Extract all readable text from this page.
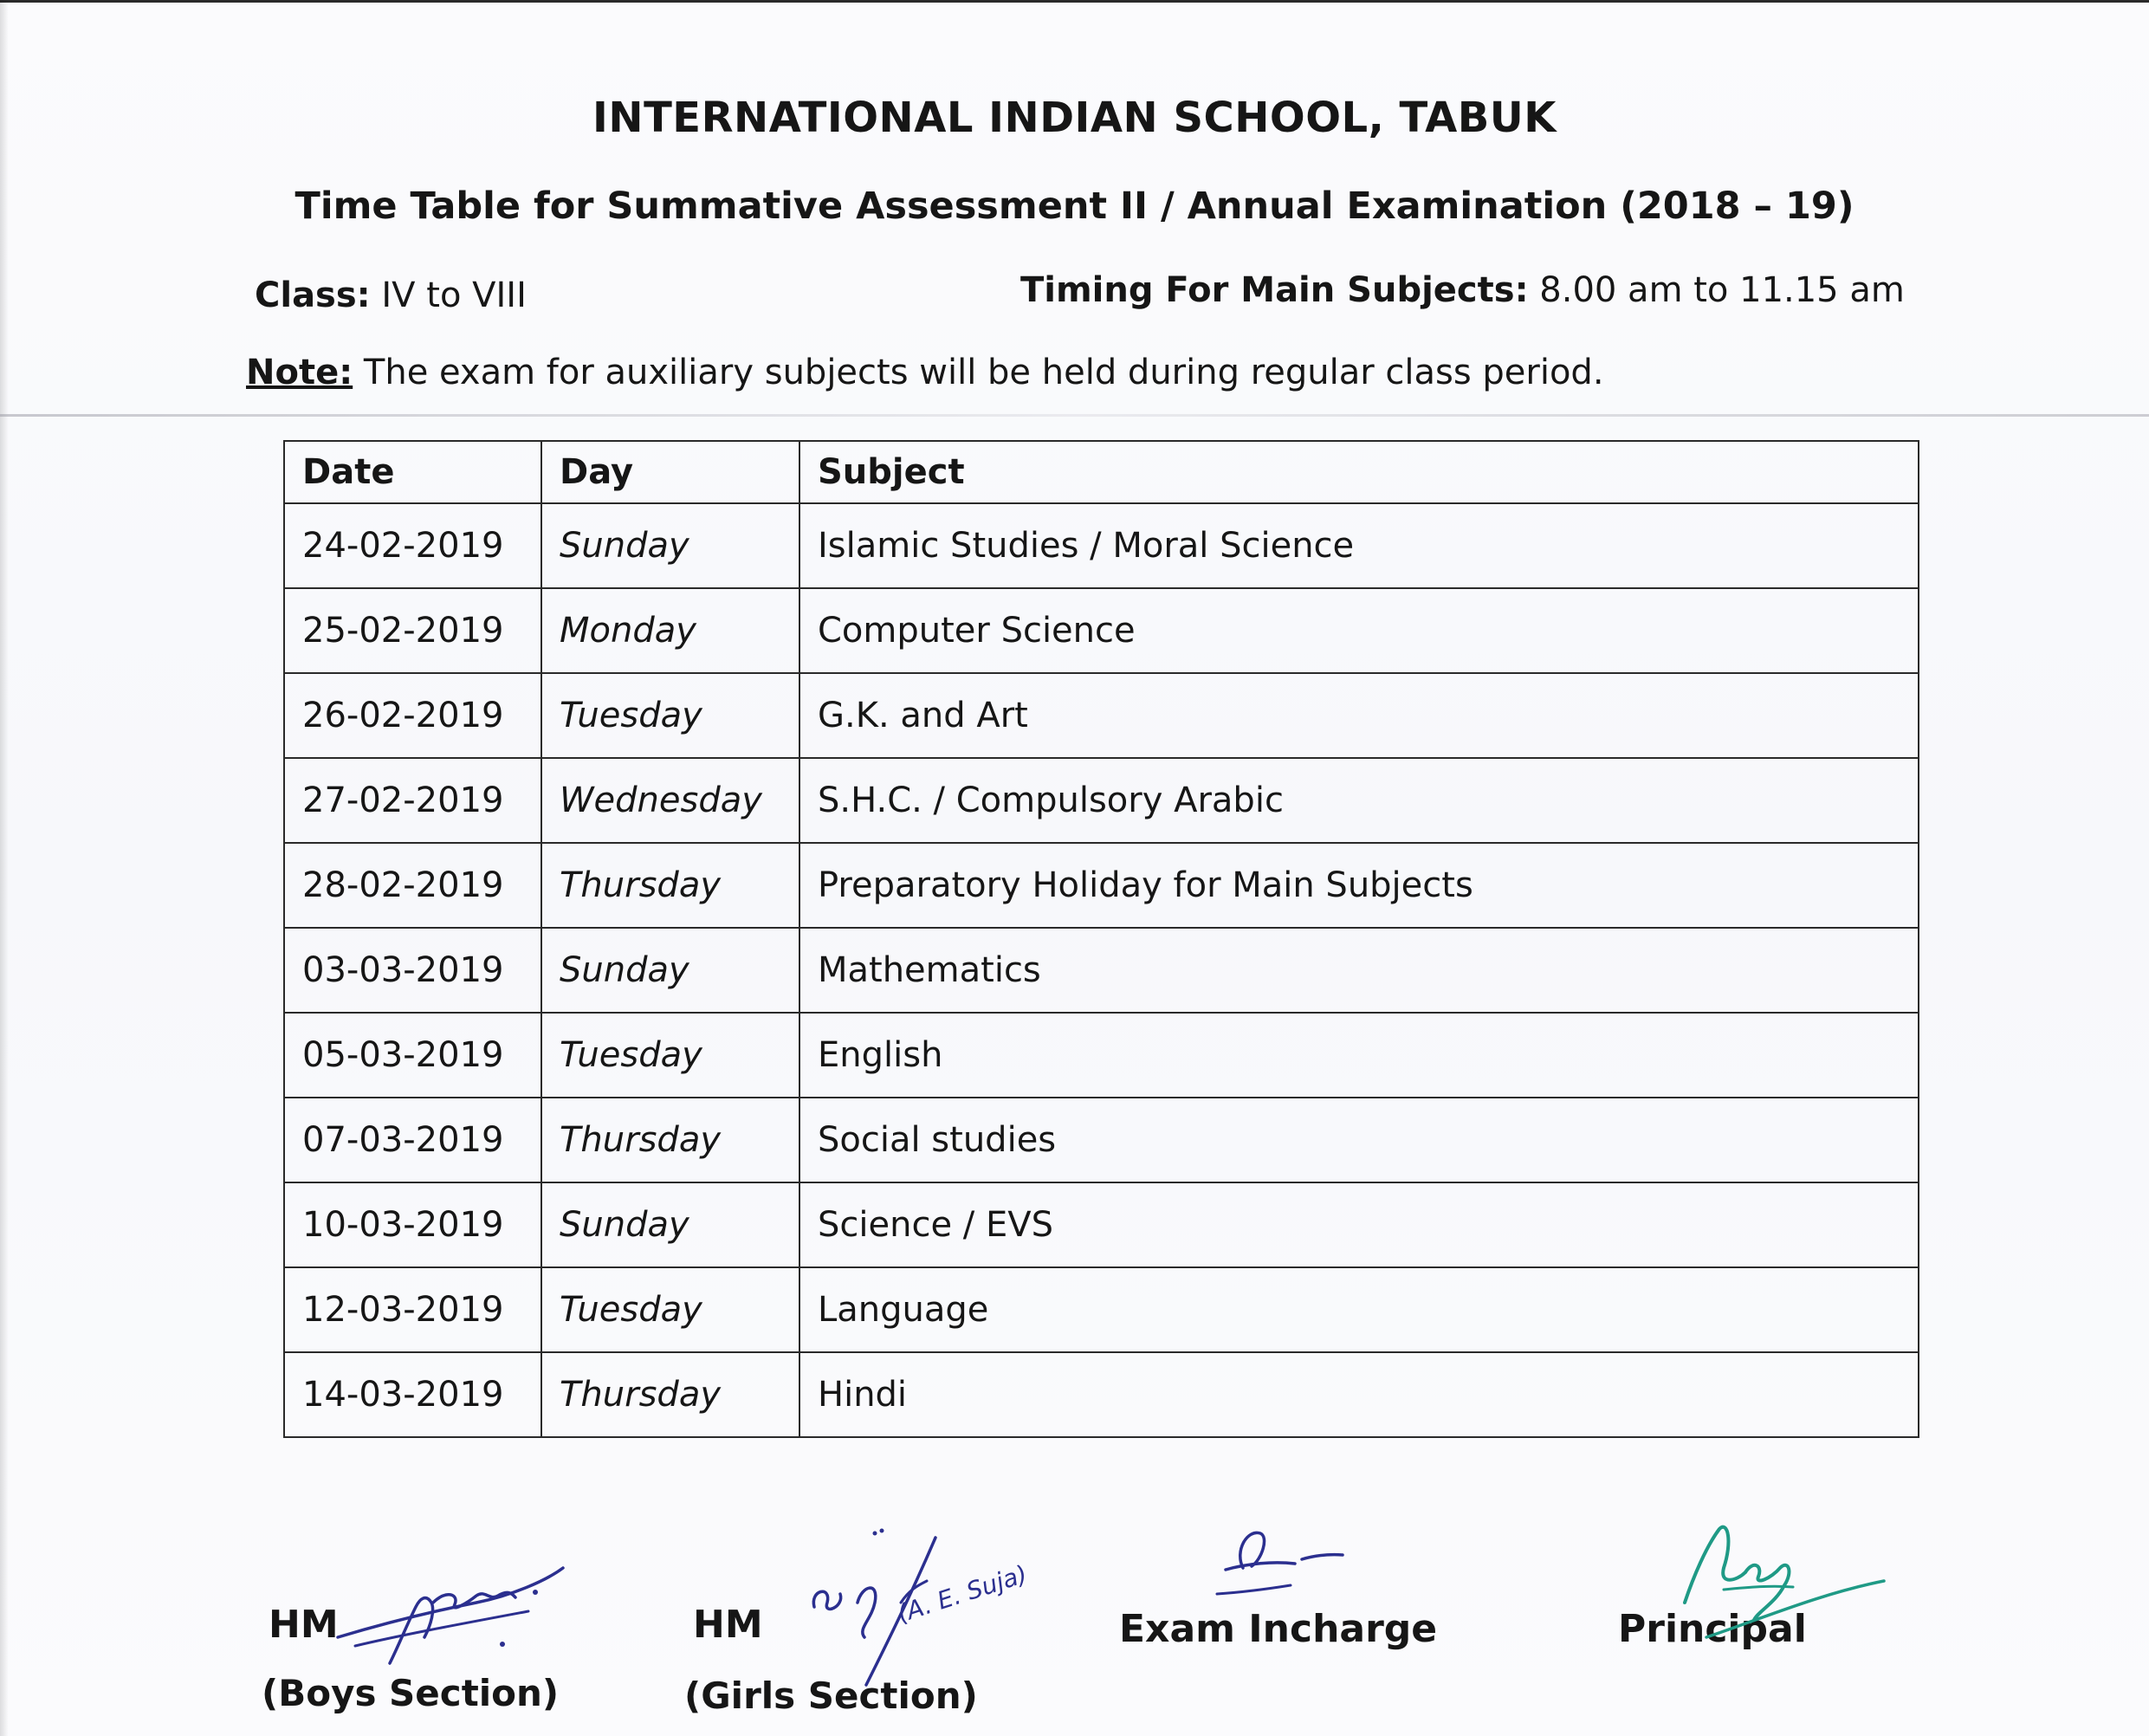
INTERNATIONAL INDIAN SCHOOL, TABUK
Time Table for Summative Assessment II / Annual Examination (2018 – 19)
Class: IV to VIII	Timing For Main Subjects: 8.00 am to 11.15 am
Note: The exam for auxiliary subjects will be held during regular class period.
Date	Day	Subject
24-02-2019	Sunday	Islamic Studies / Moral Science
25-02-2019	Monday	Computer Science
26-02-2019	Tuesday	G.K. and Art
27-02-2019	Wednesday	S.H.C. / Compulsory Arabic
28-02-2019	Thursday	Preparatory Holiday for Main Subjects
03-03-2019	Sunday	Mathematics
05-03-2019	Tuesday	English
07-03-2019	Thursday	Social studies
10-03-2019	Sunday	Science / EVS
12-03-2019	Tuesday	Language
14-03-2019	Thursday	Hindi
HM
(Boys Section)
HM
(Girls Section)
(A. E. Suja)
Exam Incharge	Principal
